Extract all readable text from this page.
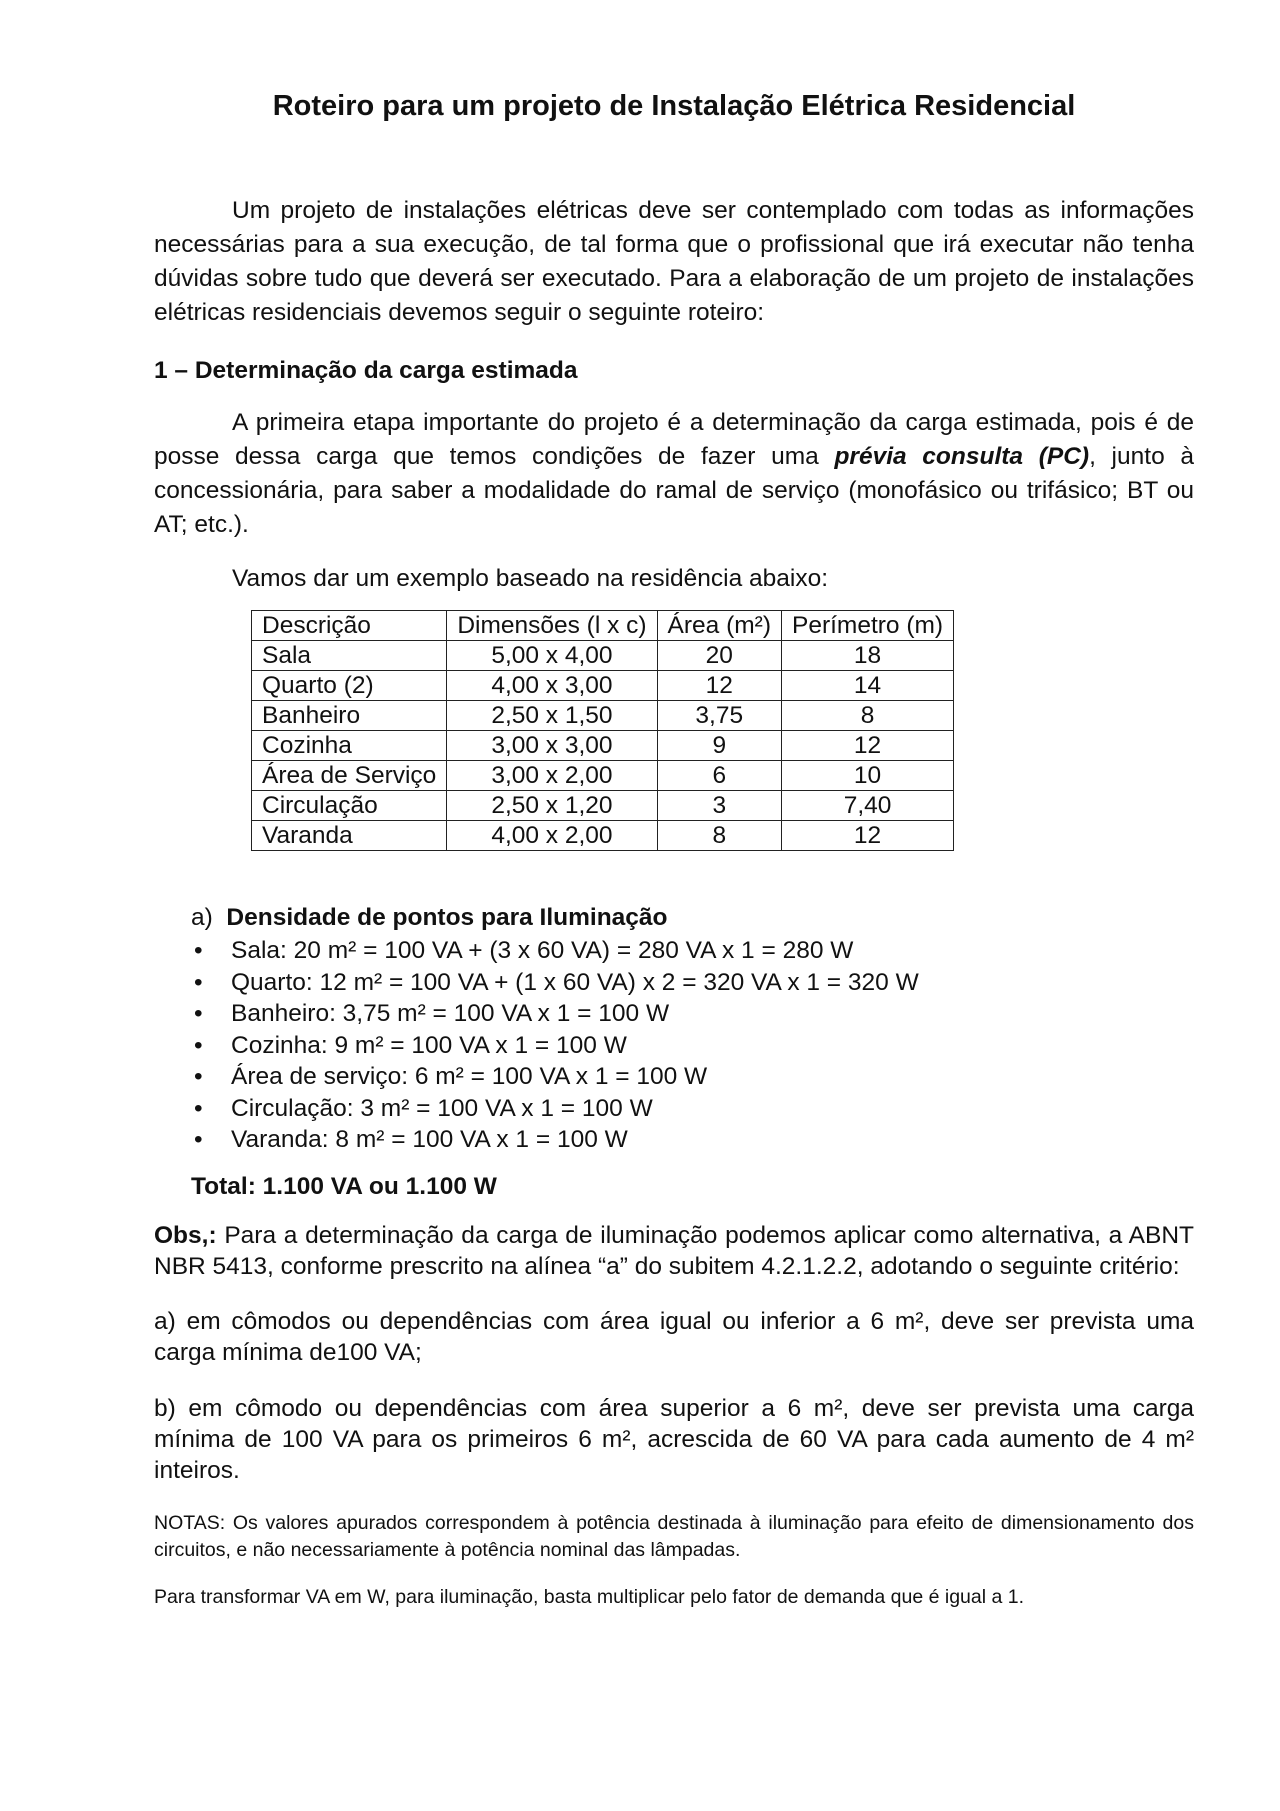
Roteiro para um projeto de Instalação Elétrica Residencial

Um projeto de instalações elétricas deve ser contemplado com todas as informações necessárias para a sua execução, de tal forma que o profissional que irá executar não tenha dúvidas sobre tudo que deverá ser executado. Para a elaboração de um projeto de instalações elétricas residenciais devemos seguir o seguinte roteiro:

1 – Determinação da carga estimada

A primeira etapa importante do projeto é a determinação da carga estimada, pois é de posse dessa carga que temos condições de fazer uma prévia consulta (PC), junto à concessionária, para saber a modalidade do ramal de serviço (monofásico ou trifásico; BT ou AT; etc.).

Vamos dar um exemplo baseado na residência abaixo:

Descrição	Dimensões (l x c)	Área (m²)	Perímetro (m)
Sala	5,00 x 4,00	20	18
Quarto (2)	4,00 x 3,00	12	14
Banheiro	2,50 x 1,50	3,75	8
Cozinha	3,00 x 3,00	9	12
Área de Serviço	3,00 x 2,00	6	10
Circulação	2,50 x 1,20	3	7,40
Varanda	4,00 x 2,00	8	12
a) Densidade de pontos para Iluminação
• Sala: 20 m² = 100 VA + (3 x 60 VA) = 280 VA x 1 = 280 W
• Quarto: 12 m² = 100 VA + (1 x 60 VA) x 2 = 320 VA x 1 = 320 W
• Banheiro: 3,75 m² = 100 VA x 1 = 100 W
• Cozinha: 9 m² = 100 VA x 1 = 100 W
• Área de serviço: 6 m² = 100 VA x 1 = 100 W
• Circulação: 3 m² = 100 VA x 1 = 100 W
• Varanda: 8 m² = 100 VA x 1 = 100 W
Total: 1.100 VA ou 1.100 W

Obs,: Para a determinação da carga de iluminação podemos aplicar como alternativa, a ABNT NBR 5413, conforme prescrito na alínea “a” do subitem 4.2.1.2.2, adotando o seguinte critério:

a) em cômodos ou dependências com área igual ou inferior a 6 m², deve ser prevista uma carga mínima de100 VA;

b) em cômodo ou dependências com área superior a 6 m², deve ser prevista uma carga mínima de 100 VA para os primeiros 6 m², acrescida de 60 VA para cada aumento de 4 m² inteiros.

NOTAS: Os valores apurados correspondem à potência destinada à iluminação para efeito de dimensionamento dos circuitos, e não necessariamente à potência nominal das lâmpadas.

Para transformar VA em W, para iluminação, basta multiplicar pelo fator de demanda que é igual a 1.
